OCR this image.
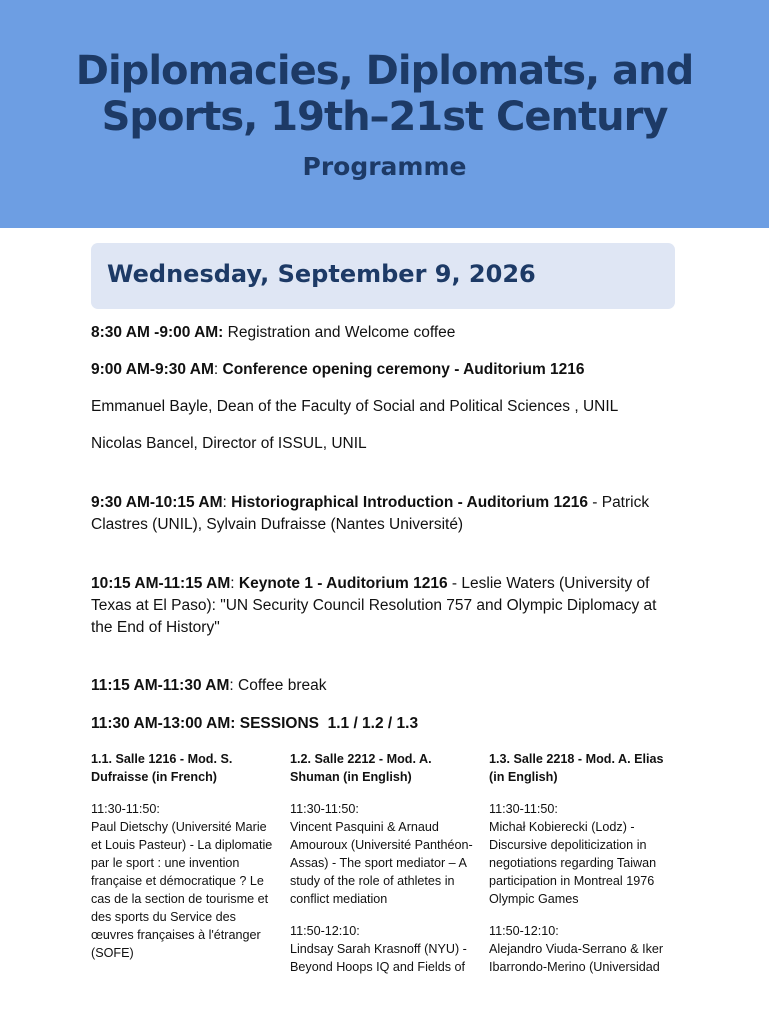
Diplomacies, Diplomats, and
Sports, 19th–21st Century
Programme
Wednesday, September 9, 2026
8:30 AM -9:00 AM: Registration and Welcome coffee
9:00 AM-9:30 AM: Conference opening ceremony - Auditorium 1216
Emmanuel Bayle, Dean of the Faculty of Social and Political Sciences , UNIL
Nicolas Bancel, Director of ISSUL, UNIL
9:30 AM-10:15 AM: Historiographical Introduction - Auditorium 1216 - Patrick Clastres (UNIL), Sylvain Dufraisse (Nantes Université)
10:15 AM-11:15 AM: Keynote 1 - Auditorium 1216 - Leslie Waters (University of Texas at El Paso): "UN Security Council Resolution 757 and Olympic Diplomacy at the End of History"
11:15 AM-11:30 AM: Coffee break
11:30 AM-13:00 AM: SESSIONS  1.1 / 1.2 / 1.3
1.1. Salle 1216 - Mod. S. Dufraisse (in French)
11:30-11:50:
Paul Dietschy (Université Marie et Louis Pasteur) - La diplomatie par le sport : une invention française et démocratique ? Le cas de la section de tourisme et des sports du Service des œuvres françaises à l'étranger (SOFE)
1.2. Salle 2212 - Mod. A. Shuman (in English)
11:30-11:50:
Vincent Pasquini & Arnaud Amouroux (Université Panthéon-Assas) - The sport mediator – A study of the role of athletes in conflict mediation
11:50-12:10:
Lindsay Sarah Krasnoff (NYU) - Beyond Hoops IQ and Fields of
1.3. Salle 2218 - Mod. A. Elias (in English)
11:30-11:50:
Michał Kobierecki (Lodz) - Discursive depoliticization in negotiations regarding Taiwan participation in Montreal 1976 Olympic Games
11:50-12:10:
Alejandro Viuda-Serrano & Iker Ibarrondo-Merino (Universidad
